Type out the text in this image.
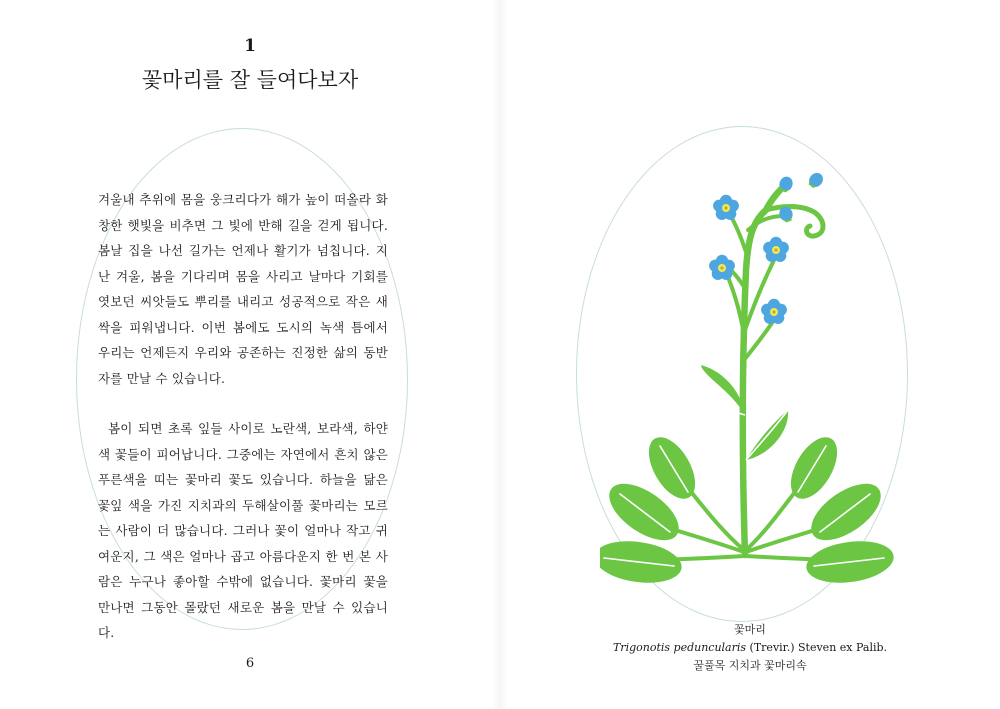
1
꽃마리를 잘 들여다보자

겨울내 추위에 몸을 웅크리다가 해가 높이 떠올라 화창한 햇빛을 비추면 그 빛에 반해 길을 걷게 됩니다. 봄날 집을 나선 길가는 언제나 활기가 넘칩니다. 지난 겨울, 봄을 기다리며 몸을 사리고 날마다 기회를 엿보던 씨앗들도 뿌리를 내리고 성공적으로 작은 새싹을 피워냅니다. 이번 봄에도 도시의 녹색 틈에서 우리는 언제든지 우리와 공존하는 진정한 삶의 동반자를 만날 수 있습니다.

봄이 되면 초록 잎들 사이로 노란색, 보라색, 하얀색 꽃들이 피어납니다. 그중에는 자연에서 흔치 않은 푸른색을 띠는 꽃마리 꽃도 있습니다. 하늘을 닮은 꽃잎 색을 가진 지치과의 두해살이풀 꽃마리는 모르는 사람이 더 많습니다. 그러나 꽃이 얼마나 작고 귀여운지, 그 색은 얼마나 곱고 아름다운지 한 번 본 사람은 누구나 좋아할 수밖에 없습니다. 꽃마리 꽃을 만나면 그동안 몰랐던 새로운 봄을 만날 수 있습니다.

6
꽃마리
Trigonotis peduncularis (Trevir.) Steven ex Palib.
꿀풀목 지치과 꽃마리속
